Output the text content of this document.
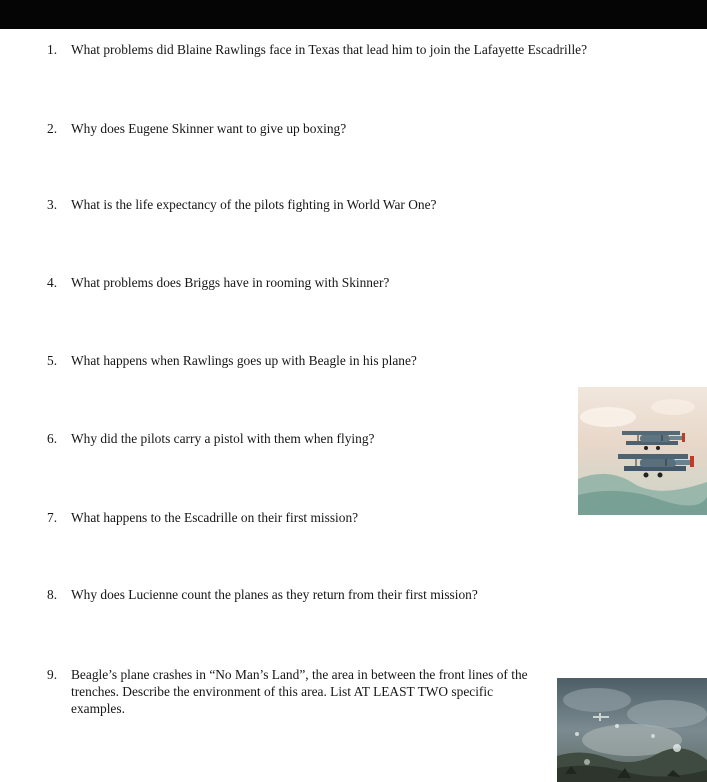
1. What problems did Blaine Rawlings face in Texas that lead him to join the Lafayette Escadrille?
2. Why does Eugene Skinner want to give up boxing?
3. What is the life expectancy of the pilots fighting in World War One?
4. What problems does Briggs have in rooming with Skinner?
5. What happens when Rawlings goes up with Beagle in his plane?
6. Why did the pilots carry a pistol with them when flying?
7. What happens to the Escadrille on their first mission?
8. Why does Lucienne count the planes as they return from their first mission?
9. Beagle’s plane crashes in “No Man’s Land”, the area in between the front lines of the trenches. Describe the environment of this area. List AT LEAST TWO specific examples.
